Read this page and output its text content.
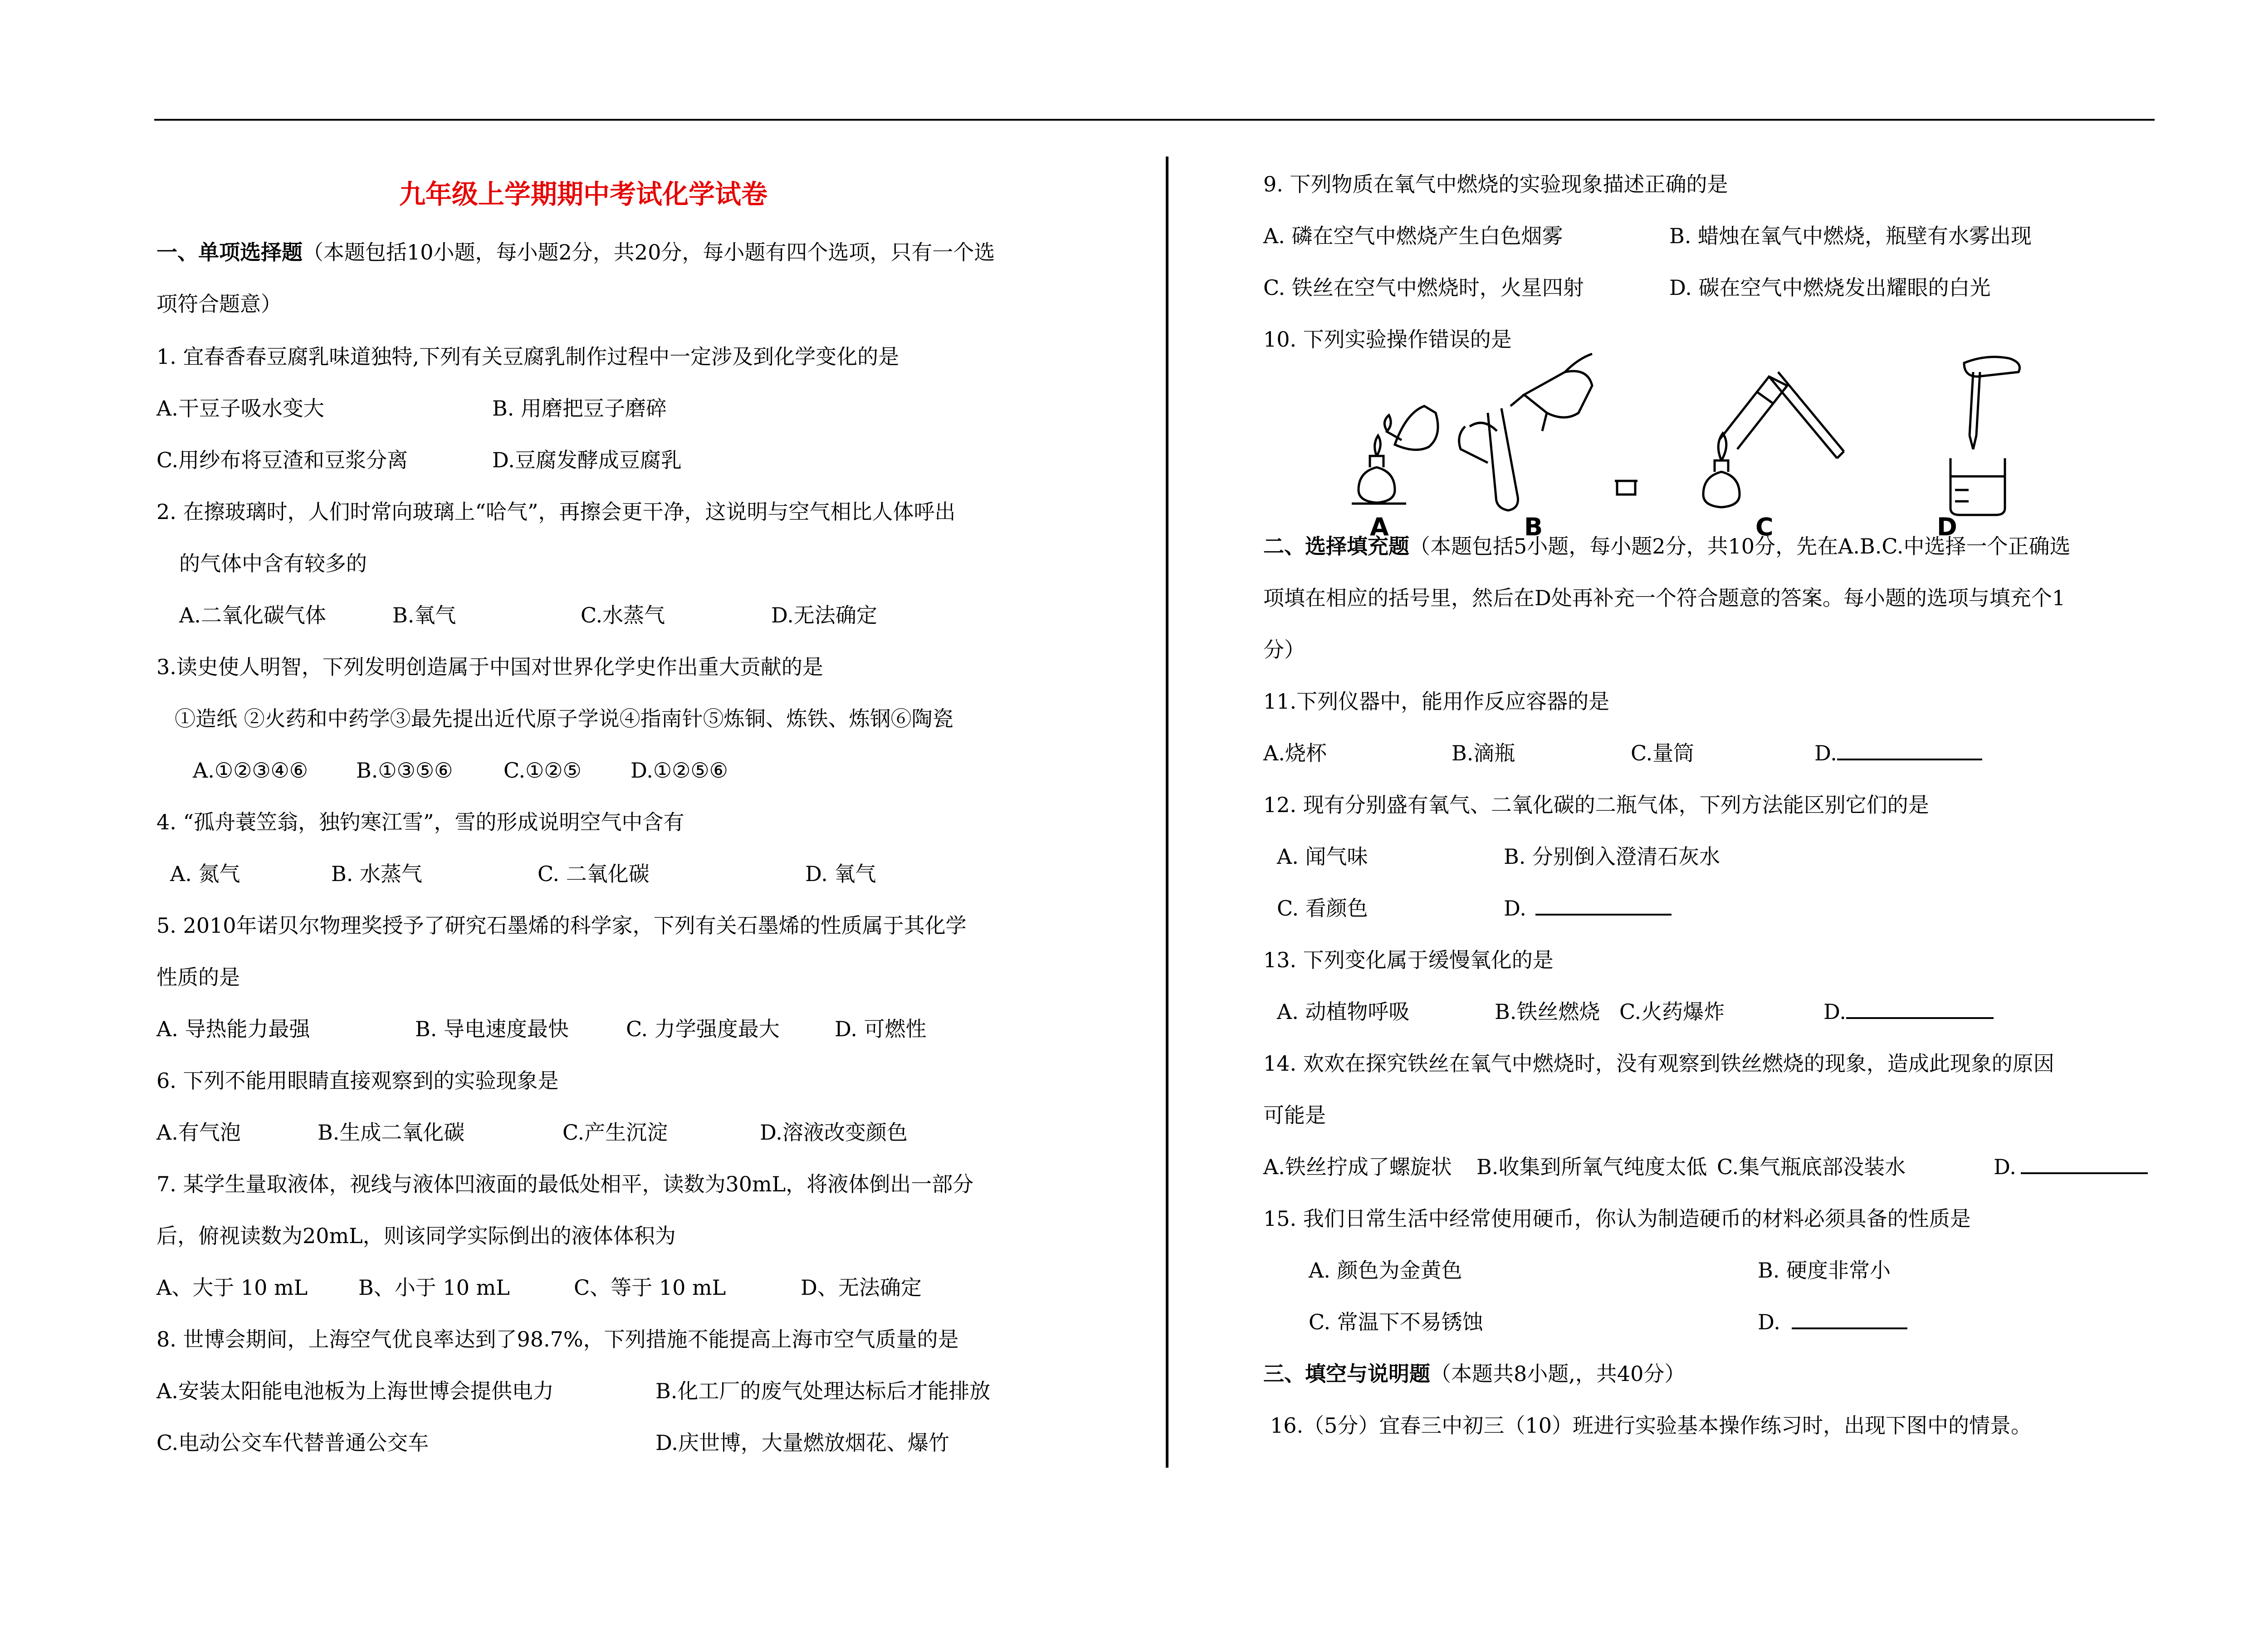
九年级上学期期中考试化学试卷
一、单项选择题（本题包括10小题，每小题2分，共20分，每小题有四个选项，只有一个选
项符合题意）
1. 宜春香春豆腐乳味道独特,下列有关豆腐乳制作过程中一定涉及到化学变化的是
A.干豆子吸水变大	B. 用磨把豆子磨碎
C.用纱布将豆渣和豆浆分离	D.豆腐发酵成豆腐乳
2. 在擦玻璃时，人们时常向玻璃上“哈气”，再擦会更干净，这说明与空气相比人体呼出
的气体中含有较多的
A.二氧化碳气体	B.氧气	C.水蒸气	D.无法确定
3.读史使人明智，下列发明创造属于中国对世界化学史作出重大贡献的是
①造纸 ②火药和中药学③最先提出近代原子学说④指南针⑤炼铜、炼铁、炼钢⑥陶瓷
A.①②③④⑥ B.①③⑤⑥ C.①②⑤ D.①②⑤⑥
4. “孤舟蓑笠翁，独钓寒江雪”，雪的形成说明空气中含有
A. 氮气	B. 水蒸气	C. 二氧化碳	D. 氧气
5. 2010年诺贝尔物理奖授予了研究石墨烯的科学家，下列有关石墨烯的性质属于其化学
性质的是
A. 导热能力最强	B. 导电速度最快	C. 力学强度最大	D. 可燃性
6. 下列不能用眼睛直接观察到的实验现象是
A.有气泡	B.生成二氧化碳	C.产生沉淀	D.溶液改变颜色
7. 某学生量取液体，视线与液体凹液面的最低处相平，读数为30mL，将液体倒出一部分
后，俯视读数为20mL，则该同学实际倒出的液体体积为
A、大于 10 mL B、小于 10 mL	C、等于 10 mL	D、无法确定
8. 世博会期间，上海空气优良率达到了98.7%，下列措施不能提高上海市空气质量的是
A.安装太阳能电池板为上海世博会提供电力	B.化工厂的废气处理达标后才能排放
C.电动公交车代替普通公交车	D.庆世博，大量燃放烟花、爆竹
9. 下列物质在氧气中燃烧的实验现象描述正确的是
A. 磷在空气中燃烧产生白色烟雾	B. 蜡烛在氧气中燃烧，瓶壁有水雾出现
C. 铁丝在空气中燃烧时，火星四射	D. 碳在空气中燃烧发出耀眼的白光
10. 下列实验操作错误的是
A	B	C	D
二、选择填充题（本题包括5小题，每小题2分，共10分，先在A.B.C.中选择一个正确选
项填在相应的括号里，然后在D处再补充一个符合题意的答案。每小题的选项与填充个1
分）
11.下列仪器中，能用作反应容器的是
A.烧杯	B.滴瓶	C.量筒	D.
12. 现有分别盛有氧气、二氧化碳的二瓶气体，下列方法能区别它们的是
A. 闻气味	B. 分别倒入澄清石灰水
C. 看颜色	D.
13. 下列变化属于缓慢氧化的是
A. 动植物呼吸	B.铁丝燃烧 C.火药爆炸	D.
14. 欢欢在探究铁丝在氧气中燃烧时，没有观察到铁丝燃烧的现象，造成此现象的原因
可能是
A.铁丝拧成了螺旋状 B.收集到所氧气纯度太低 C.集气瓶底部没装水	D.
15. 我们日常生活中经常使用硬币，你认为制造硬币的材料必须具备的性质是
A. 颜色为金黄色	B. 硬度非常小
C. 常温下不易锈蚀	D.
三、填空与说明题（本题共8小题,，共40分）
16.（5分）宜春三中初三（10）班进行实验基本操作练习时，出现下图中的情景。
